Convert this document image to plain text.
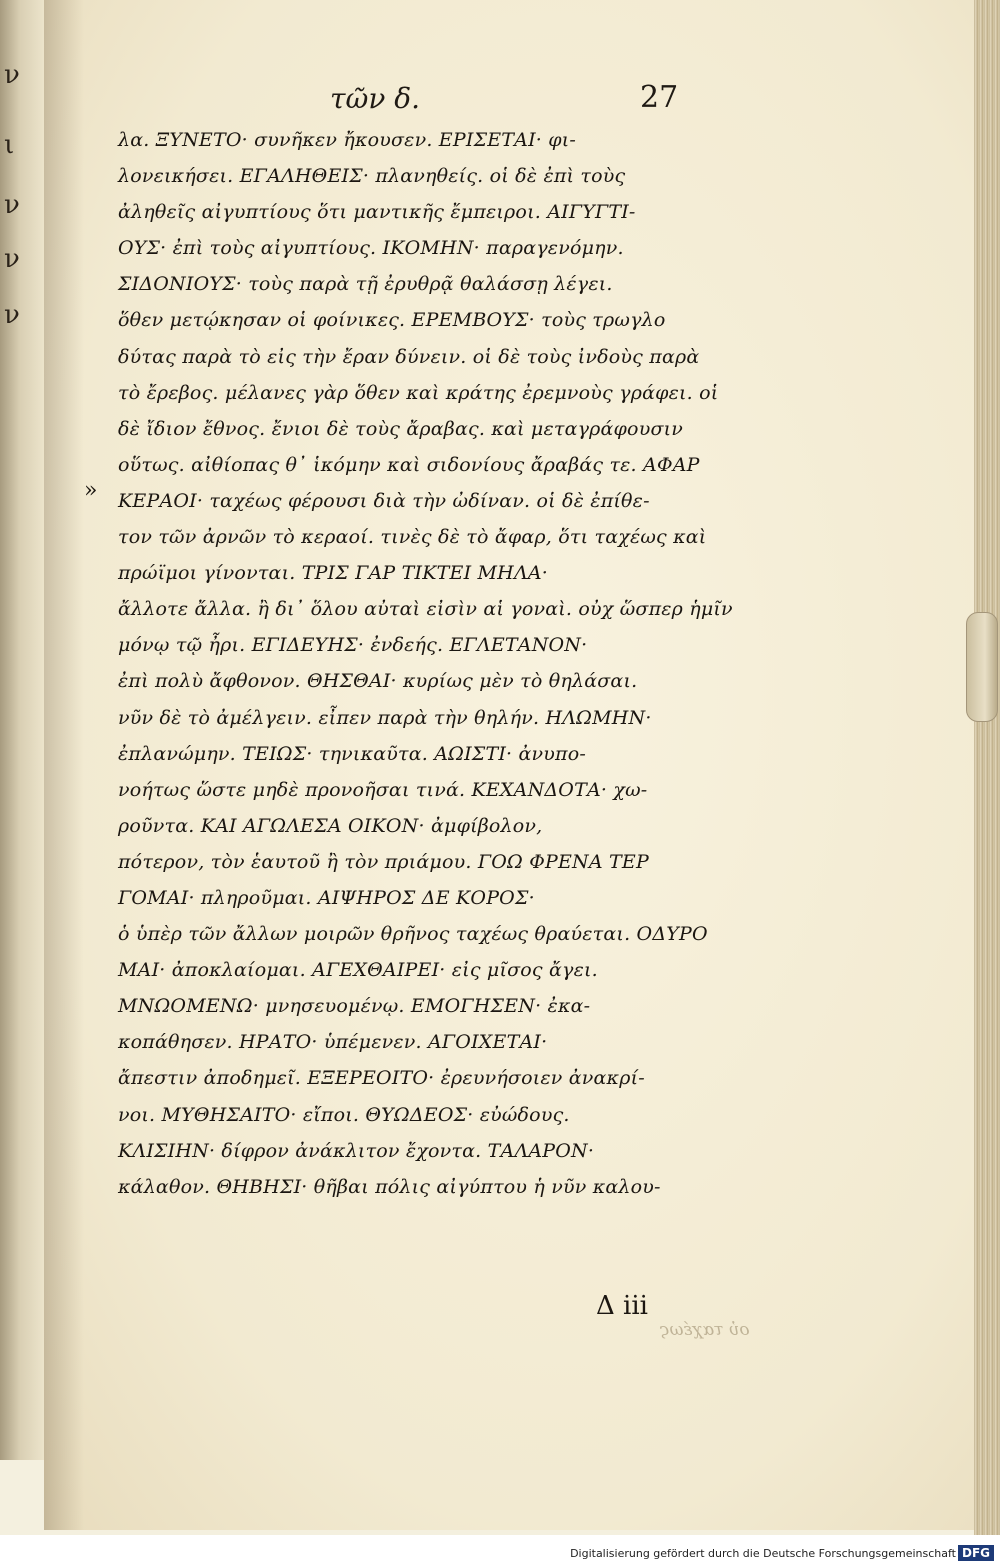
ν
ι
ν
ν
ν
τῶν δ.	27
»
λα. ΞΥΝΕΤΟ· συνῆκεν ἤκουσεν. ΕΡΙΣΕΤΑΙ· φι-
λονεικήσει. ΕΓΑΛΗΘΕΙΣ· πλανηθείς. οἱ δὲ ἐπὶ τοὺς
ἀληθεῖς αἰγυπτίους ὅτι μαντικῆς ἔμπειροι. ΑΙΓΥΓΤΙ-
ΟΥΣ· ἐπὶ τοὺς αἰγυπτίους. ΙΚΟΜΗΝ· παραγενόμην.
ΣΙΔΟΝΙΟΥΣ· τοὺς παρὰ τῇ ἐρυθρᾷ θαλάσσῃ λέγει.
ὅθεν μετῴκησαν οἱ φοίνικες. ΕΡΕΜΒΟΥΣ· τοὺς τρωγλο
δύτας παρὰ τὸ εἰς τὴν ἔραν δύνειν. οἱ δὲ τοὺς ἰνδοὺς παρὰ
τὸ ἔρεβος. μέλανες γὰρ ὅθεν καὶ κράτης ἐρεμνοὺς γράφει. οἱ
δὲ ἴδιον ἔθνος. ἔνιοι δὲ τοὺς ἄραβας. καὶ μεταγράφουσιν
οὕτως. αἰθίοπας θ᾽ ἱκόμην καὶ σιδονίους ἄραβάς τε. ΑΦΑΡ
ΚΕΡΑΟΙ· ταχέως φέρουσι διὰ τὴν ὠδίναν. οἱ δὲ ἐπίθε-
τον τῶν ἀρνῶν τὸ κεραοί. τινὲς δὲ τὸ ἄφαρ, ὅτι ταχέως καὶ
πρώϊμοι γίνονται. ΤΡΙΣ ΓΑΡ ΤΙΚΤΕΙ ΜΗΛΑ·
ἄλλοτε ἄλλα. ἢ δι᾽ ὅλου αὐταὶ εἰσὶν αἱ γοναὶ. οὐχ ὥσπερ ἡμῖν
μόνῳ τῷ ἦρι. ΕΓΙΔΕΥΗΣ· ἐνδεής. ΕΓΛΕΤΑΝΟΝ·
ἐπὶ πολὺ ἄφθονον. ΘΗΣΘΑΙ· κυρίως μὲν τὸ θηλάσαι.
νῦν δὲ τὸ ἀμέλγειν. εἶπεν παρὰ τὴν θηλήν. ΗΛΩΜΗΝ·
ἐπλανώμην. ΤΕΙΩΣ· τηνικαῦτα. ΑΩΙΣΤΙ· ἀνυπο-
νοήτως ὥστε μηδὲ προνοῆσαι τινά. ΚΕΧΑΝΔΟΤΑ· χω-
ροῦντα. ΚΑΙ ΑΓΩΛΕΣΑ ΟΙΚΟΝ· ἀμφίβολον,
πότερον, τὸν ἑαυτοῦ ἢ τὸν πριάμου. ΓΟΩ ΦΡΕΝΑ ΤΕΡ
ΓΟΜΑΙ· πληροῦμαι. ΑΙΨΗΡΟΣ ΔΕ ΚΟΡΟΣ·
ὁ ὑπὲρ τῶν ἄλλων μοιρῶν θρῆνος ταχέως θραύεται. ΟΔΥΡΟ
ΜΑΙ· ἀποκλαίομαι. ΑΓΕΧΘΑΙΡΕΙ· εἰς μῖσος ἄγει.
ΜΝΩΟΜΕΝΩ· μνησευομένῳ. ΕΜΟΓΗΣΕΝ· ἐκα-
κοπάθησεν. ΗΡΑΤΟ· ὑπέμενεν. ΑΓΟΙΧΕΤΑΙ·
ἄπεστιν ἀποδημεῖ. ΕΞΕΡΕΟΙΤΟ· ἐρευνήσοιεν ἀνακρί-
νοι. ΜΥΘΗΣΑΙΤΟ· εἴποι. ΘΥΩΔΕΟΣ· εὐώδους.
ΚΛΙΣΙΗΝ· δίφρον ἀνάκλιτον ἔχοντα. ΤΑΛΑΡΟΝ·
κάλαθον. ΘΗΒΗΣΙ· θῆβαι πόλις αἰγύπτου ἡ νῦν καλου-
Δ iii
οὐ ταχέως
Digitalisierung gefördert durch die Deutsche Forschungsgemeinschaft DFG
